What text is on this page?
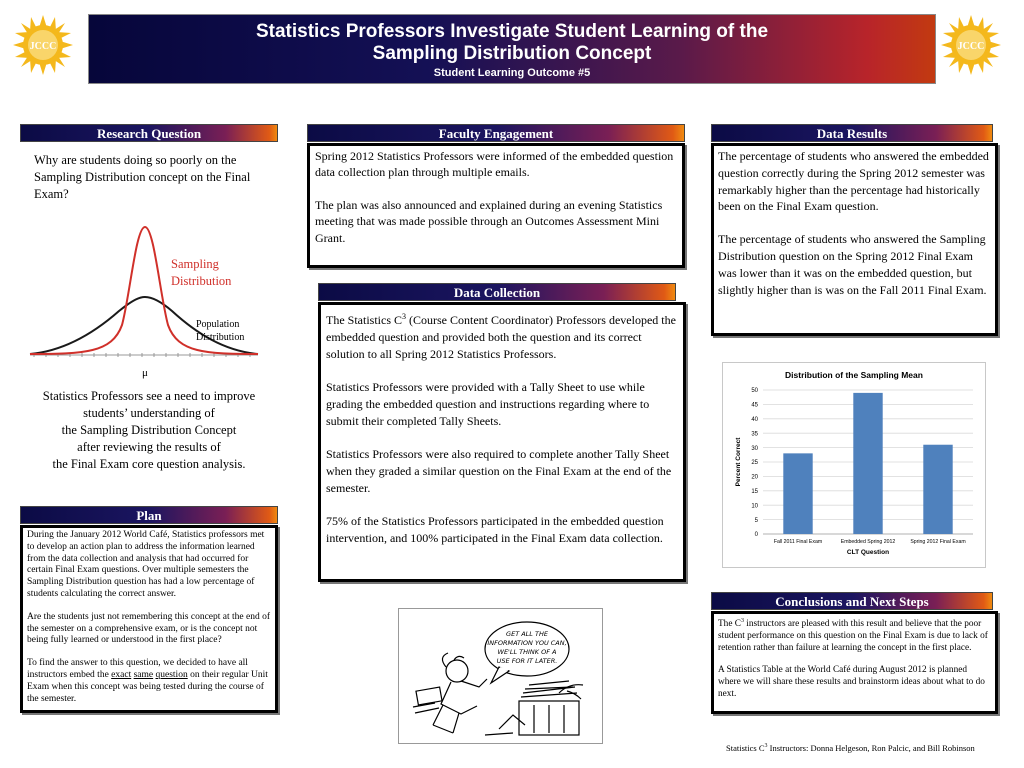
JCCC
Statistics Professors Investigate Student Learning of the
Sampling Distribution Concept
Student Learning Outcome #5
JCCC
Research Question
Why are students doing so poorly on the Sampling Distribution concept on the Final Exam?
Sampling
Distribution
Population
Distribution
μ
Statistics Professors see a need to improve
students’ understanding of
the Sampling Distribution Concept
after reviewing the results of
the Final Exam core question analysis.
Plan

During the January 2012 World Café, Statistics professors met to develop an action plan to address the information learned from the data collection and analysis that had occurred for certain Final Exam questions. Over multiple semesters the Sampling Distribution question has had a low percentage of students calculating the correct answer.

Are the students just not remembering this concept at the end of the semester on a comprehensive exam, or is the concept not being fully learned or understood in the first place?

To find the answer to this question, we decided to have all instructors embed the exact same question on their regular Unit Exam when this concept was being tested during the course of the semester.

Faculty Engagement

Spring 2012 Statistics Professors were informed of the embedded question data collection plan through multiple emails.

The plan was also announced and explained during an evening Statistics meeting that was made possible through an Outcomes Assessment Mini Grant.

Data Collection

The Statistics $C^3$ (Course Content Coordinator) Professors developed the embedded question and provided both the question and its correct solution to all Spring 2012 Statistics Professors.

Statistics Professors were provided with a Tally Sheet to use while grading the embedded question and instructions regarding where to submit their completed Tally Sheets.

Statistics Professors were also required to complete another Tally Sheet when they graded a similar question on the Final Exam at the end of the semester.

75% of the Statistics Professors participated in the embedded question intervention, and 100% participated in the Final Exam data collection.

Data Results

The percentage of students who answered the embedded question correctly during the Spring 2012 semester was remarkably higher than the percentage had historically been on the Final Exam question.

The percentage of students who answered the Sampling Distribution question on the Spring 2012 Final Exam was lower than it was on the embedded question, but slightly higher than is was on the Fall 2011 Final Exam.

Distribution of the Sampling Mean
0
5
10
15
20
25
30
35
40
45
50
Fall 2011 Final Exam	Embedded Spring 2012	Spring 2012 Final Exam
Percent Correct
CLT Question
GET ALL THE
INFORMATION YOU CAN,
WE'LL THINK OF A
USE FOR IT LATER.
Conclusions and Next Steps

The $C^3$ instructors are pleased with this result and believe that the poor student performance on this question on the Final Exam is due to lack of retention rather than failure at learning the concept in the first place.

A Statistics Table at the World Café during August 2012 is planned where we will share these results and brainstorm ideas about what to do next.

Statistics $C^3$ Instructors: Donna Helgeson, Ron Palcic, and Bill Robinson
